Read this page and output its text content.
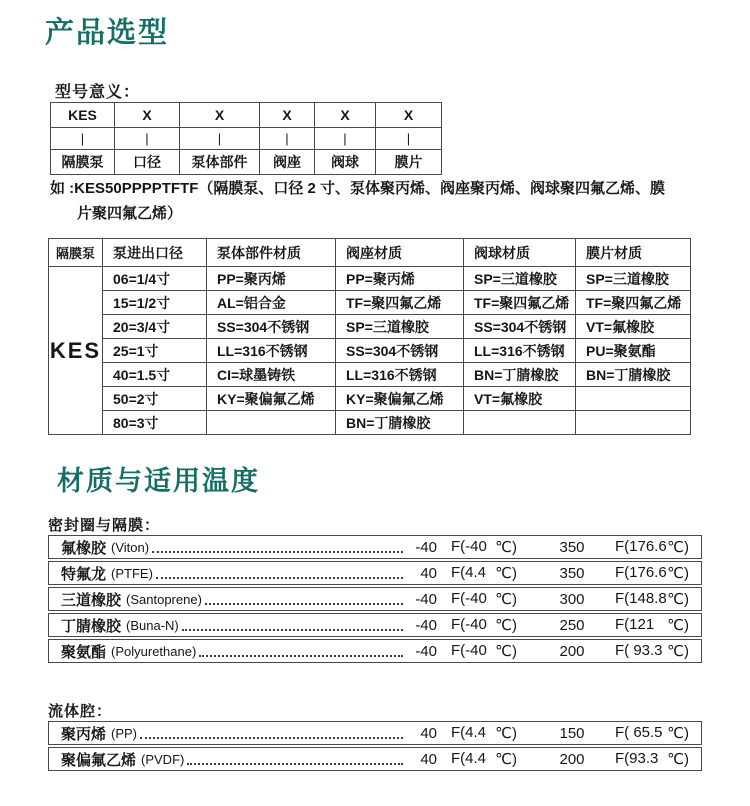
产品选型
型号意义：
KES	X	X	X	X	X
|	|	|	|	|	|
隔膜泵	口径	泵体部件	阀座	阀球	膜片
如 :KES50PPPPTFTF（隔膜泵、口径 2 寸、泵体聚丙烯、阀座聚丙烯、阀球聚四氟乙烯、膜
片聚四氟乙烯）
隔膜泵	泵进出口径	泵体部件材质	阀座材质	阀球材质	膜片材质
KES	06=1/4寸	PP=聚丙烯	PP=聚丙烯	SP=三道橡胶	SP=三道橡胶
	15=1/2寸	AL=铝合金	TF=聚四氟乙烯	TF=聚四氟乙烯	TF=聚四氟乙烯
	20=3/4寸	SS=304不锈钢	SP=三道橡胶	SS=304不锈钢	VT=氟橡胶
	25=1寸	LL=316不锈钢	SS=304不锈钢	LL=316不锈钢	PU=聚氨酯
	40=1.5寸	CI=球墨铸铁	LL=316不锈钢	BN=丁腈橡胶	BN=丁腈橡胶
	50=2寸	KY=聚偏氟乙烯	KY=聚偏氟乙烯	VT=氟橡胶	
	80=3寸		BN=丁腈橡胶		
材质与适用温度
密封圈与隔膜：
氟橡胶 (Viton)	-40 F(-40 ℃)	350	F(176.6 ℃)
特氟龙 (PTFE)	40 F(4.4 ℃)	350	F(176.6 ℃)
三道橡胶 (Santoprene)	-40 F(-40 ℃)	300	F(148.8 ℃)
丁腈橡胶 (Buna-N)	-40 F(-40 ℃)	250	F(121 ℃)
聚氨酯 (Polyurethane)	-40 F(-40 ℃)	200	F( 93.3 ℃)
流体腔：
聚丙烯 (PP)	40 F(4.4 ℃)	150	F( 65.5 ℃)
聚偏氟乙烯 (PVDF)	40 F(4.4 ℃)	200	F(93.3 ℃)
